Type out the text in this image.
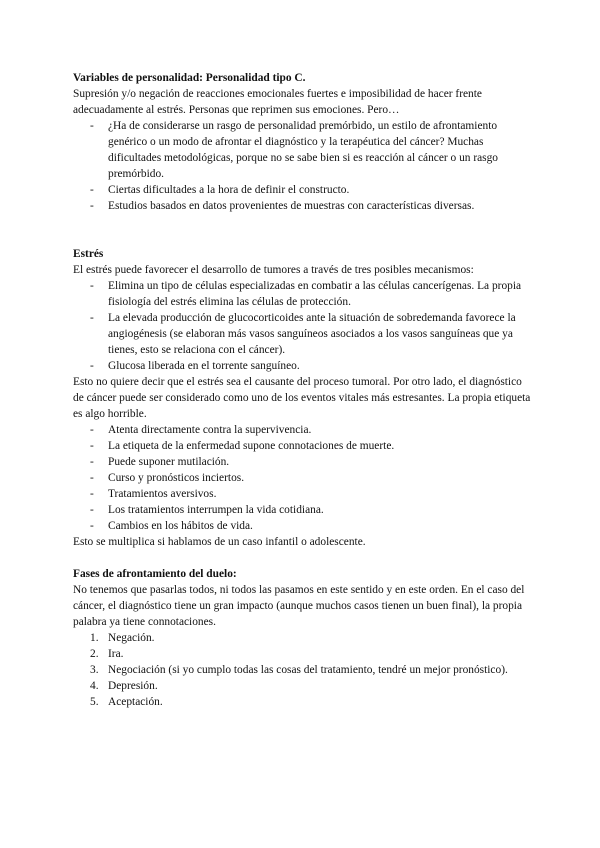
Variables de personalidad: Personalidad tipo C.

Supresión y/o negación de reacciones emocionales fuertes e imposibilidad de hacer frente adecuadamente al estrés. Personas que reprimen sus emociones. Pero…

- ¿Ha de considerarse un rasgo de personalidad premórbido, un estilo de afrontamiento genérico o un modo de afrontar el diagnóstico y la terapéutica del cáncer? Muchas dificultades metodológicas, porque no se sabe bien si es reacción al cáncer o un rasgo premórbido.
- Ciertas dificultades a la hora de definir el constructo.
- Estudios basados en datos provenientes de muestras con características diversas.

Estrés

El estrés puede favorecer el desarrollo de tumores a través de tres posibles mecanismos:

- Elimina un tipo de células especializadas en combatir a las células cancerígenas. La propia fisiología del estrés elimina las células de protección.
- La elevada producción de glucocorticoides ante la situación de sobredemanda favorece la angiogénesis (se elaboran más vasos sanguíneos asociados a los vasos sanguíneas que ya tienes, esto se relaciona con el cáncer).
- Glucosa liberada en el torrente sanguíneo.

Esto no quiere decir que el estrés sea el causante del proceso tumoral. Por otro lado, el diagnóstico de cáncer puede ser considerado como uno de los eventos vitales más estresantes. La propia etiqueta es algo horrible.

- Atenta directamente contra la supervivencia.
- La etiqueta de la enfermedad supone connotaciones de muerte.
- Puede suponer mutilación.
- Curso y pronósticos inciertos.
- Tratamientos aversivos.
- Los tratamientos interrumpen la vida cotidiana.
- Cambios en los hábitos de vida.

Esto se multiplica si hablamos de un caso infantil o adolescente.

Fases de afrontamiento del duelo:

No tenemos que pasarlas todos, ni todos las pasamos en este sentido y en este orden. En el caso del cáncer, el diagnóstico tiene un gran impacto (aunque muchos casos tienen un buen final), la propia palabra ya tiene connotaciones.

1. Negación.
2. Ira.
3. Negociación (si yo cumplo todas las cosas del tratamiento, tendré un mejor pronóstico).
4. Depresión.
5. Aceptación.
